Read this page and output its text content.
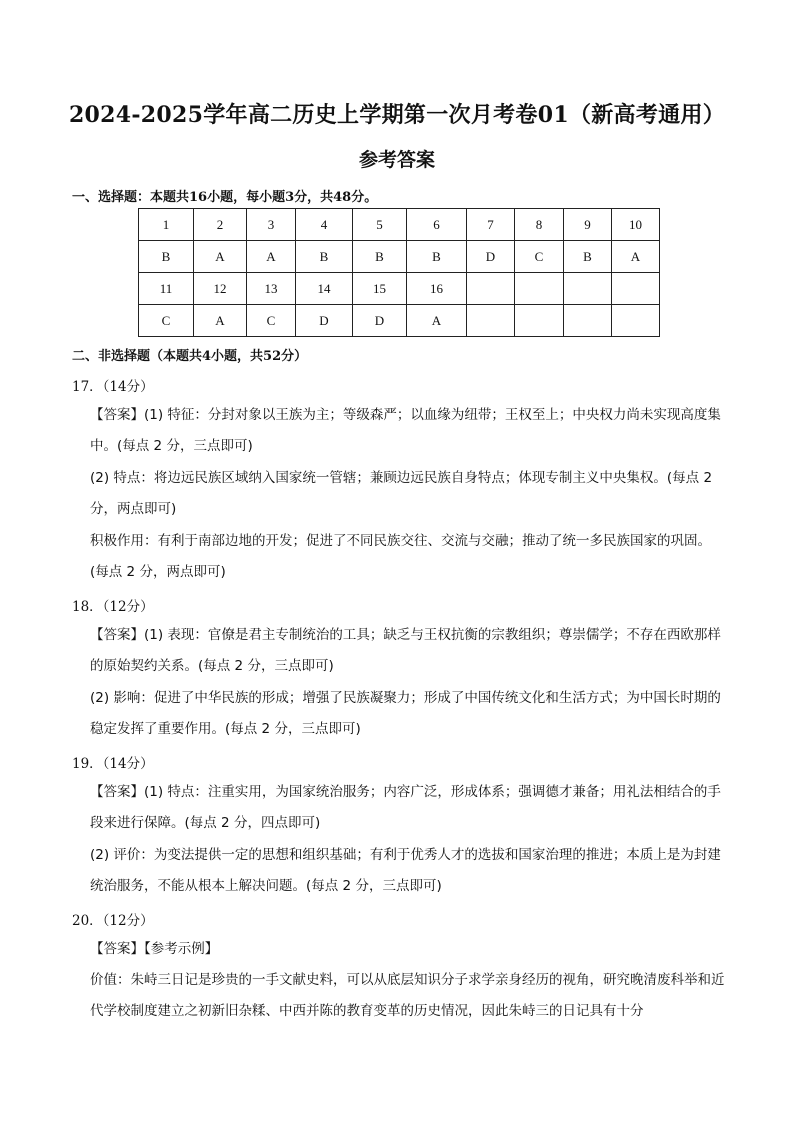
2024-2025学年高二历史上学期第一次月考卷01（新高考通用）
参考答案
一、选择题：本题共16小题，每小题3分，共48分。
1	2	3	4	5	6	7	8	9	10
B	A	A	B	B	B	D	C	B	A
11	12	13	14	15	16				
C	A	C	D	D	A				
二、非选择题（本题共4小题，共52分）
17．（14分）
【答案】(1) 特征：分封对象以王族为主；等级森严；以血缘为纽带；王权至上；中央权力尚未实现高度集中。(每点 2 分，三点即可)
(2) 特点：将边远民族区域纳入国家统一管辖；兼顾边远民族自身特点；体现专制主义中央集权。(每点 2 分，两点即可)
积极作用：有利于南部边地的开发；促进了不同民族交往、交流与交融；推动了统一多民族国家的巩固。(每点 2 分，两点即可)
18．（12分）
【答案】(1) 表现：官僚是君主专制统治的工具；缺乏与王权抗衡的宗教组织；尊崇儒学；不存在西欧那样的原始契约关系。(每点 2 分，三点即可)
(2) 影响：促进了中华民族的形成；增强了民族凝聚力；形成了中国传统文化和生活方式；为中国长时期的稳定发挥了重要作用。(每点 2 分，三点即可)
19．（14分）
【答案】(1) 特点：注重实用，为国家统治服务；内容广泛，形成体系；强调德才兼备；用礼法相结合的手段来进行保障。(每点 2 分，四点即可)
(2) 评价：为变法提供一定的思想和组织基础；有利于优秀人才的选拔和国家治理的推进；本质上是为封建统治服务，不能从根本上解决问题。(每点 2 分，三点即可)
20．（12分）
【答案】【参考示例】
价值：朱峙三日记是珍贵的一手文献史料，可以从底层知识分子求学亲身经历的视角，研究晚清废科举和近代学校制度建立之初新旧杂糅、中西并陈的教育变革的历史情况，因此朱峙三的日记具有十分
